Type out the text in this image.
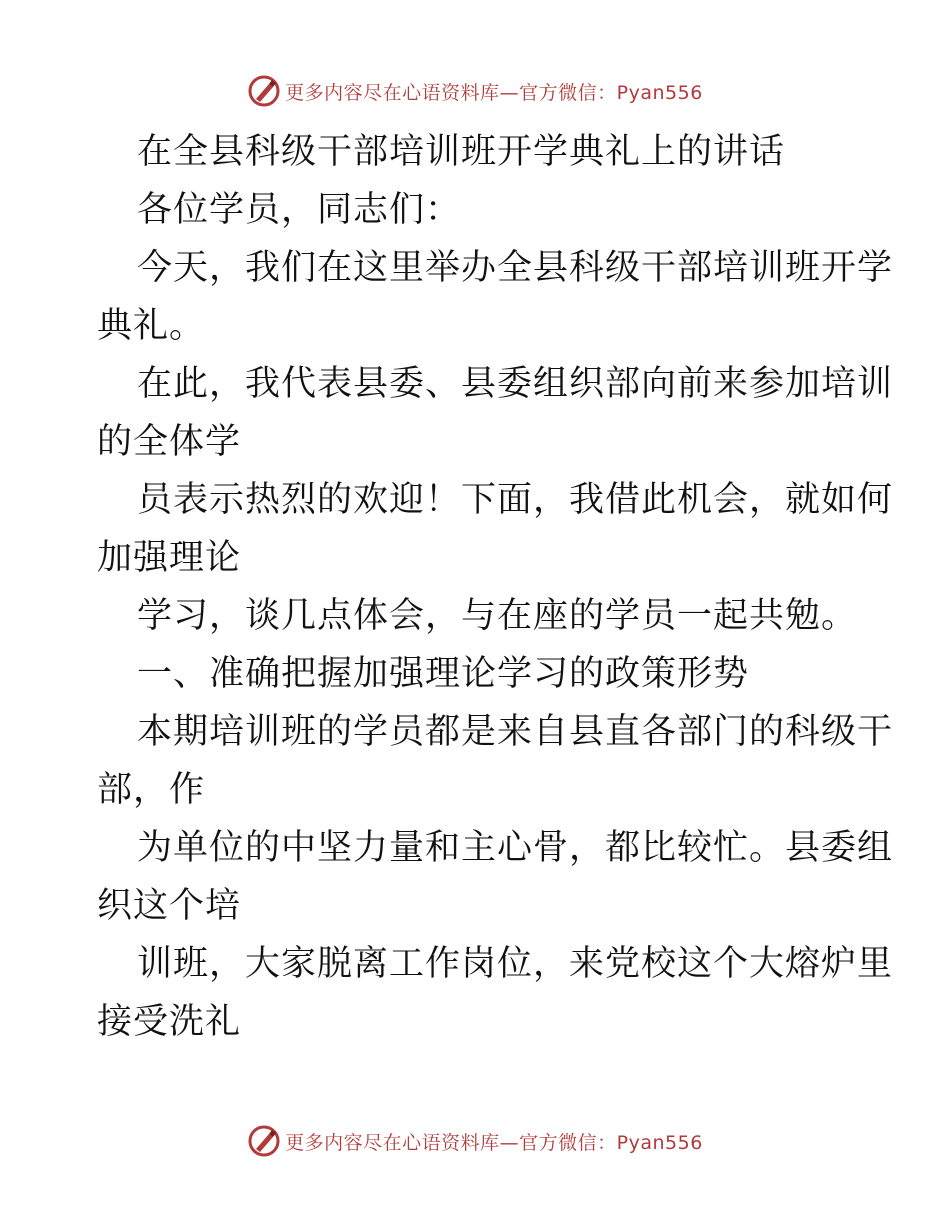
更多内容尽在心语资料库—官方微信：Pyan556
在全县科级干部培训班开学典礼上的讲话
各位学员，同志们：
今天，我们在这里举办全县科级干部培训班开学
典礼。
在此，我代表县委、县委组织部向前来参加培训
的全体学
员表示热烈的欢迎！下面，我借此机会，就如何
加强理论
学习，谈几点体会，与在座的学员一起共勉。
一、准确把握加强理论学习的政策形势
本期培训班的学员都是来自县直各部门的科级干
部，作
为单位的中坚力量和主心骨，都比较忙。县委组
织这个培
训班，大家脱离工作岗位，来党校这个大熔炉里
接受洗礼
更多内容尽在心语资料库—官方微信：Pyan556
